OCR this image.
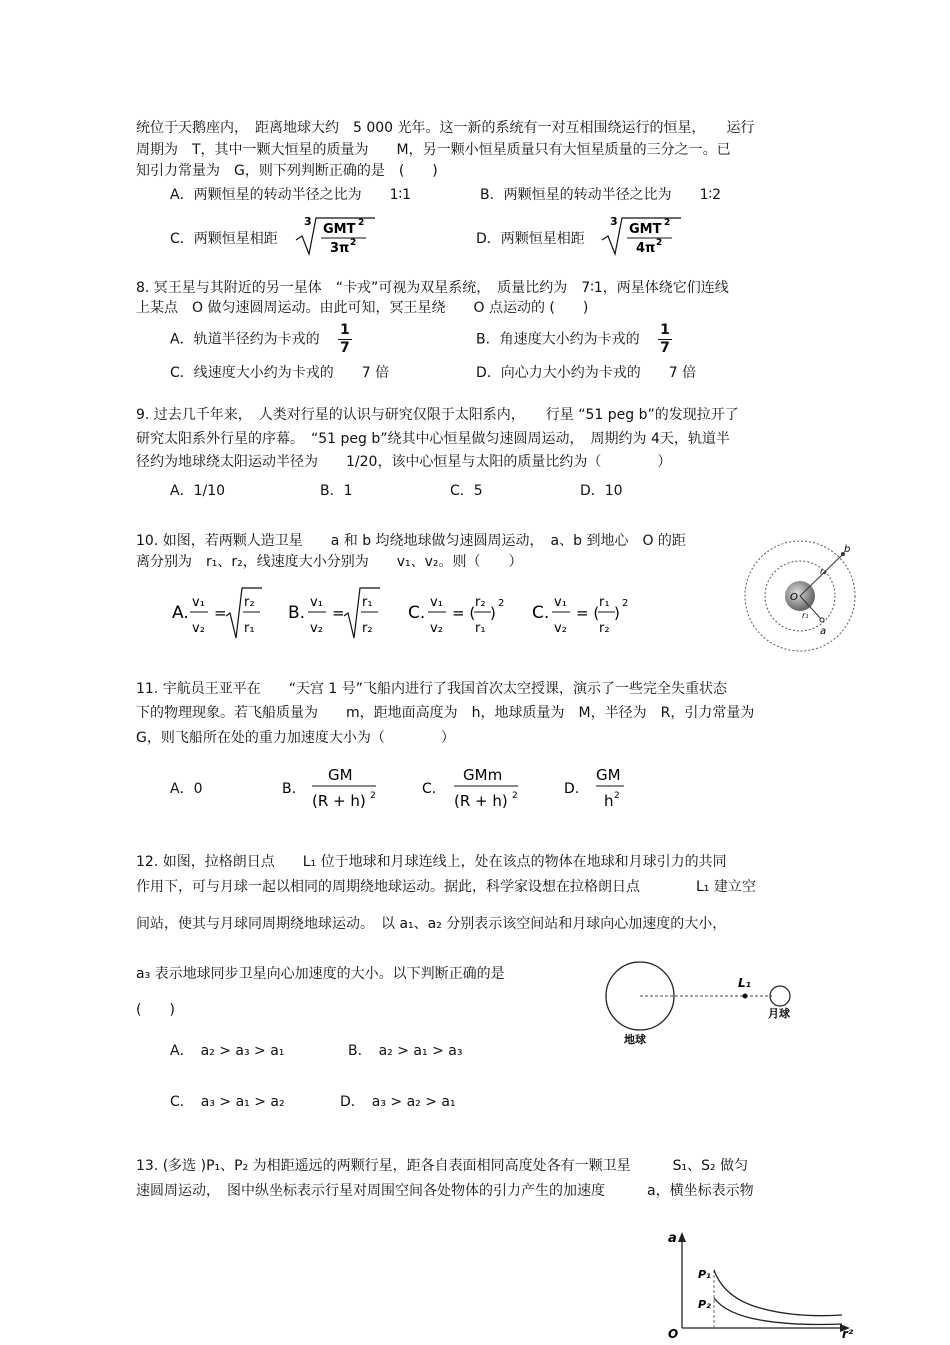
统位于天鹅座内，　距离地球大约　5 000 光年。这一新的系统有一对互相围绕运行的恒星，　　运行
周期为　T，其中一颗大恒星的质量为　　M，另一颗小恒星质量只有大恒星质量的三分之一。已
知引力常量为　G，则下列判断正确的是　(　　)
A．两颗恒星的转动半径之比为　　1∶1	B．两颗恒星的转动半径之比为　　1∶2
C．两颗恒星相距
3
GMT 2
3π 2	D．两颗恒星相距
3
GMT 2
4π 2
8. 冥王星与其附近的另一星体　“卡戎”可视为双星系统，　质量比约为　7∶1，两星体绕它们连线
上某点　O 做匀速圆周运动。由此可知，冥王星绕　　O 点运动的 (　　)
A．轨道半径约为卡戎的 $\frac{1}{7}$	B．角速度大小约为卡戎的 $\frac{1}{7}$
C．线速度大小约为卡戎的　　7 倍	D．向心力大小约为卡戎的　　7 倍
9. 过去几千年来，　人类对行星的认识与研究仅限于太阳系内，　　行星 “51 peg b”的发现拉开了
研究太阳系外行星的序幕。　“51 peg b”绕其中心恒星做匀速圆周运动，　周期约为 4天，轨道半
径约为地球绕太阳运动半径为　　1/20，该中心恒星与太阳的质量比约为（　　　　）
A．1/10	B．1	C．5	D．10
10. 如图，若两颗人造卫星　　a 和 b 均绕地球做匀速圆周运动，　a、b 到地心　O 的距
离分别为　r₁、r₂，线速度大小分别为　　v₁、v₂。则（　　）
A.
v₁
v₂
=
r₂
r₁
B.
v₁
v₂
=
r₁
r₂
C.
v₁
v₂
= (
r₂
r₁
)
2 C.
v₁
v₂
= (
r₁
r₂
)
2
O
b
a
r₂
r₁
11. 宇航员王亚平在　　“天宫 1 号”飞船内进行了我国首次太空授课，演示了一些完全失重状态
下的物理现象。若飞船质量为　　m，距地面高度为　h，地球质量为　M，半径为　R，引力常量为
G，则飞船所在处的重力加速度大小为（　　　　）
A．0	B.
GM
(R + h) 2	C.
GMm
(R + h) 2	D.
GM
h 2
12. 如图，拉格朗日点　　L₁ 位于地球和月球连线上，处在该点的物体在地球和月球引力的共同
作用下，可与月球一起以相同的周期绕地球运动。据此，科学家设想在拉格朗日点　　　　L₁ 建立空
间站，使其与月球同周期绕地球运动。　以 a₁、a₂ 分别表示该空间站和月球向心加速度的大小，
a₃ 表示地球同步卫星向心加速度的大小。以下判断正确的是
(　　)
A．　a₂ > a₃ > a₁	B．　a₂ > a₁ > a₃
C．　a₃ > a₁ > a₂	D．　a₃ > a₂ > a₁
L₁
地球
月球
13. (多选 )P₁、P₂ 为相距遥远的两颗行星，距各自表面相同高度处各有一颗卫星　　　S₁、S₂ 做匀
速圆周运动，　图中纵坐标表示行星对周围空间各处物体的引力产生的加速度　　　a，横坐标表示物
a
O	r²
P₁
P₂
